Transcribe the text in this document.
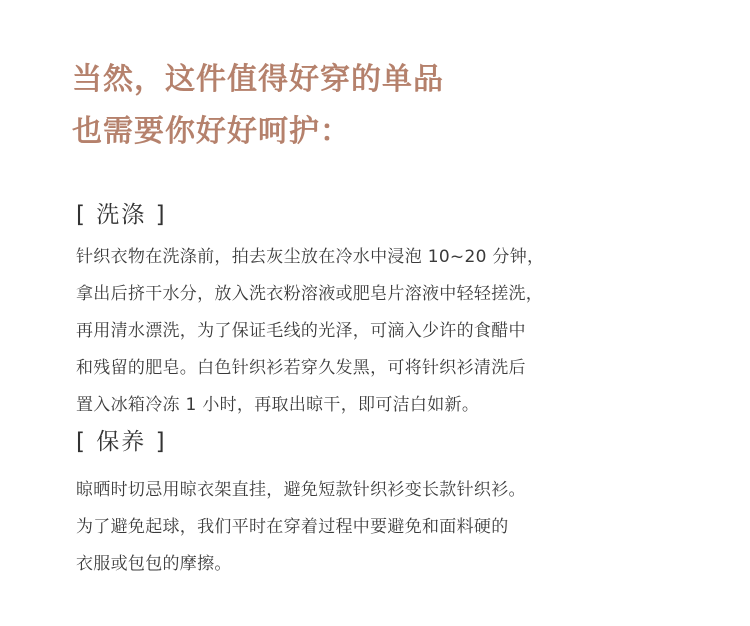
当然，这件值得好穿的单品
也需要你好好呵护：
[ 洗涤 ]
针织衣物在洗涤前，拍去灰尘放在冷水中浸泡 10~20 分钟，
拿出后挤干水分，放入洗衣粉溶液或肥皂片溶液中轻轻搓洗，
再用清水漂洗，为了保证毛线的光泽，可滴入少许的食醋中
和残留的肥皂。白色针织衫若穿久发黑，可将针织衫清洗后
置入冰箱冷冻 1 小时，再取出晾干，即可洁白如新。
[ 保养 ]
晾晒时切忌用晾衣架直挂，避免短款针织衫变长款针织衫。
为了避免起球，我们平时在穿着过程中要避免和面料硬的
衣服或包包的摩擦。
